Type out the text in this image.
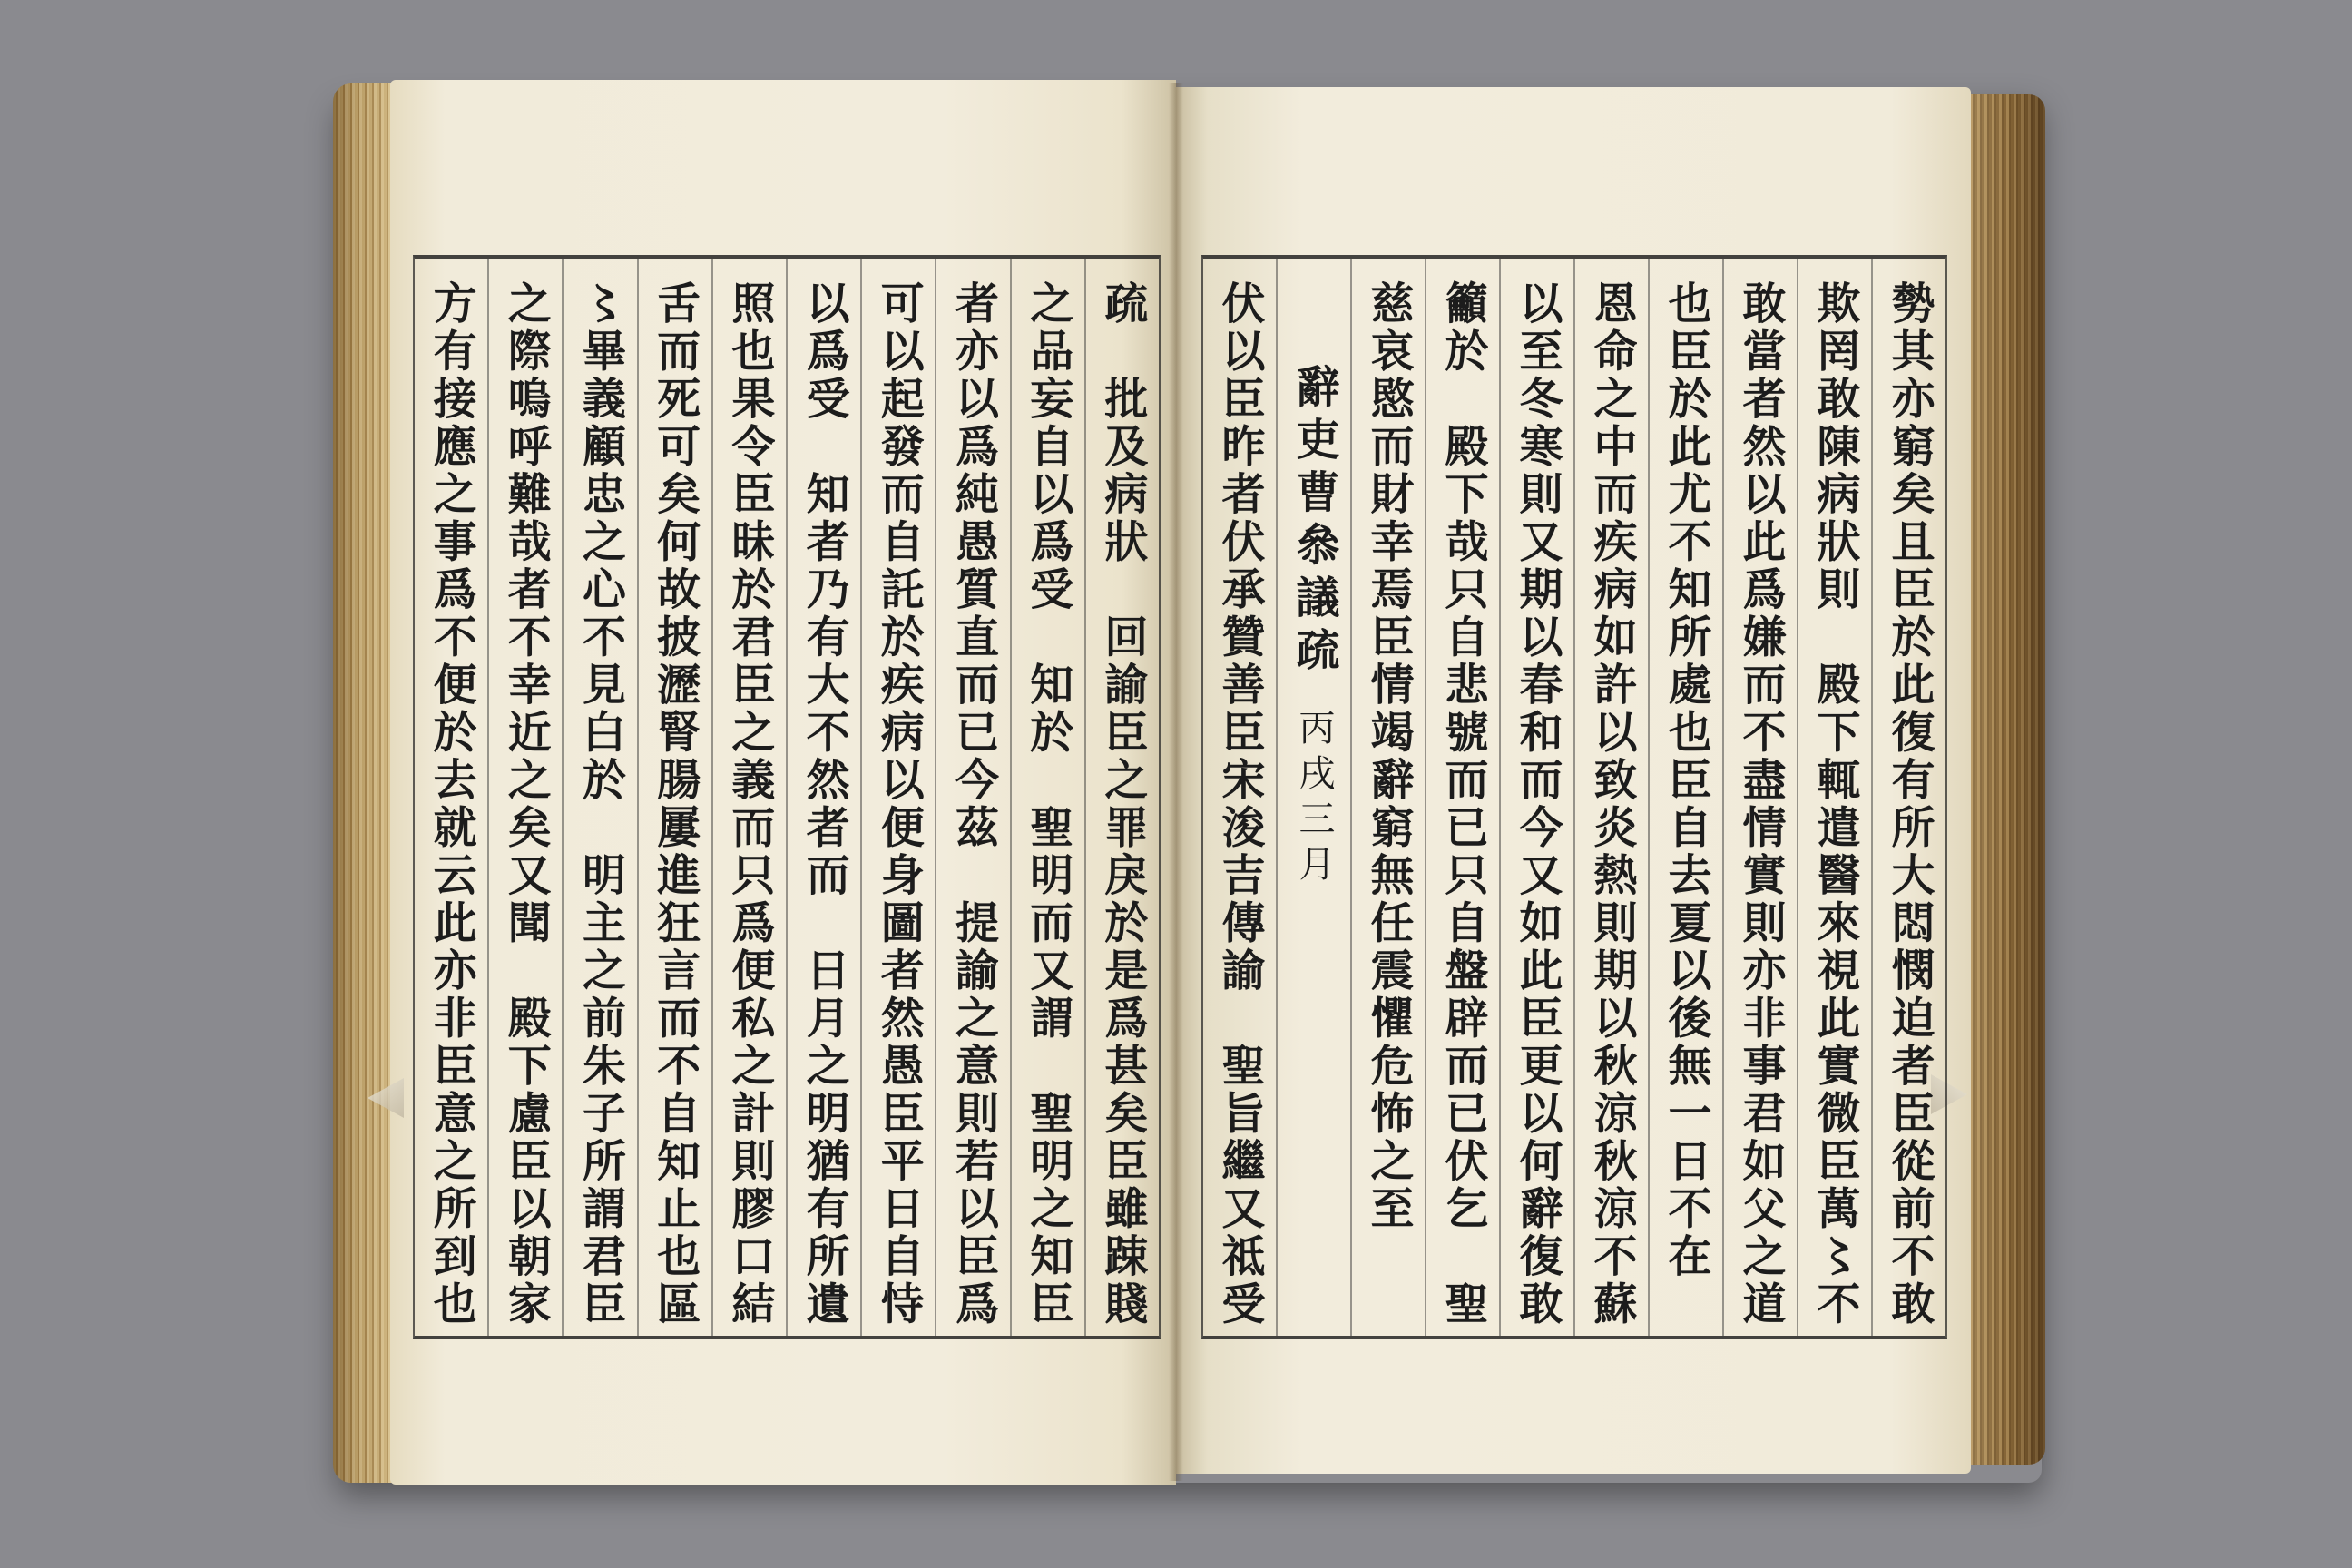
疏　批及病狀　回諭臣之罪戾於是爲甚矣臣雖踈賤
之品妄自以爲受　知於　聖明而又謂　聖明之知臣
者亦以爲純愚質直而已今茲　提諭之意則若以臣爲
可以起發而自託於疾病以便身圖者然愚臣平日自恃
以爲受　知者乃有大不然者而　日月之明猶有所遺
照也果令臣昧於君臣之義而只爲便私之計則膠口結
舌而死可矣何故披瀝腎腸屢進狂言而不自知止也區
〻畢義顧忠之心不見白於　明主之前朱子所謂君臣
之際嗚呼難哉者不幸近之矣又聞　殿下慮臣以朝家
方有接應之事爲不便於去就云此亦非臣意之所到也	勢其亦窮矣且臣於此復有所大悶憫迫者臣從前不敢
欺罔敢陳病狀則　殿下輒遣醫來視此實微臣萬〻不
敢當者然以此爲嫌而不盡情實則亦非事君如父之道
也臣於此尤不知所處也臣自去夏以後無一日不在
恩命之中而疾病如許以致炎熱則期以秋涼秋涼不蘇
以至冬寒則又期以春和而今又如此臣更以何辭復敢
籲於　殿下哉只自悲號而已只自盤辟而已伏乞　聖
慈哀愍而財幸焉臣情竭辭窮無任震懼危怖之至
辭吏曹叅議疏
丙戌三月
伏以臣昨者伏承贊善臣宋浚吉傳諭　聖旨繼又祗受
